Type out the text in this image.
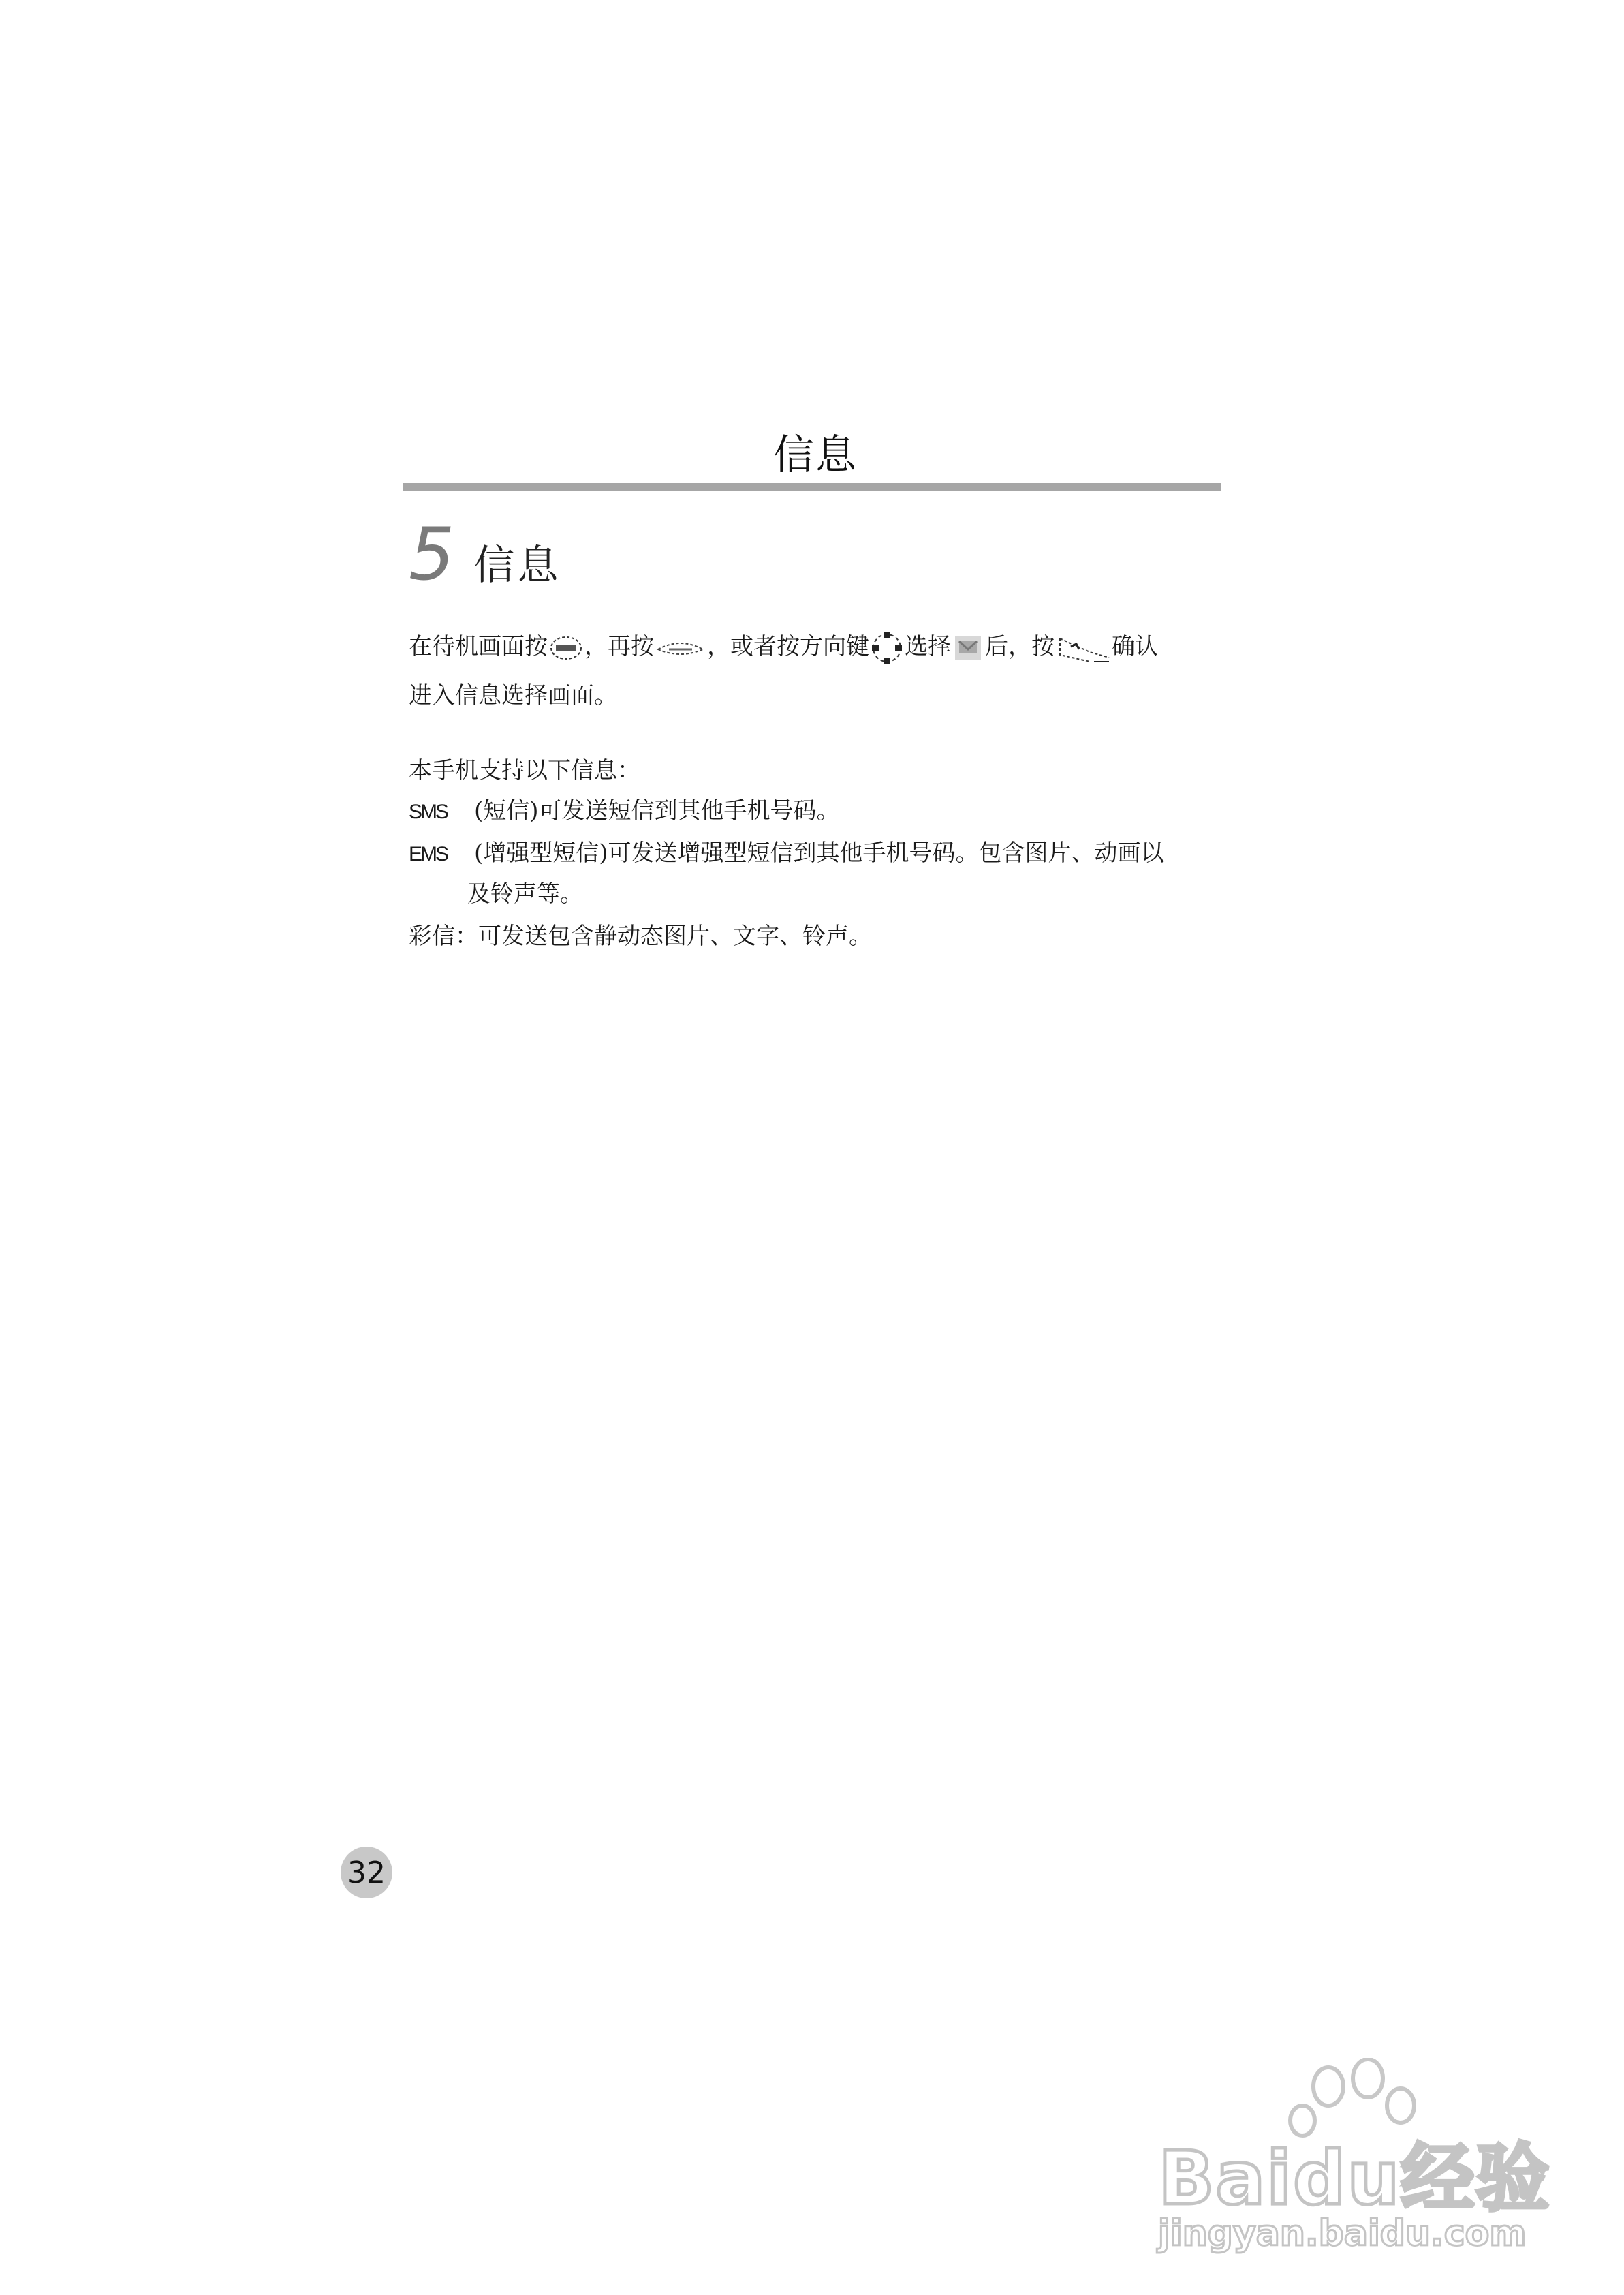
信息
5 信息
在待机画面按 ，再按 ，或者按方向键 选择 后，按 确认
进入信息选择画面。
本手机支持以下信息：
SMS (短信)可发送短信到其他手机号码。
EMS (增强型短信)可发送增强型短信到其他手机号码。包含图片、动画以
及铃声等。
彩信：可发送包含静动态图片、文字、铃声。
32
Baidu经验
jingyan.baidu.com
